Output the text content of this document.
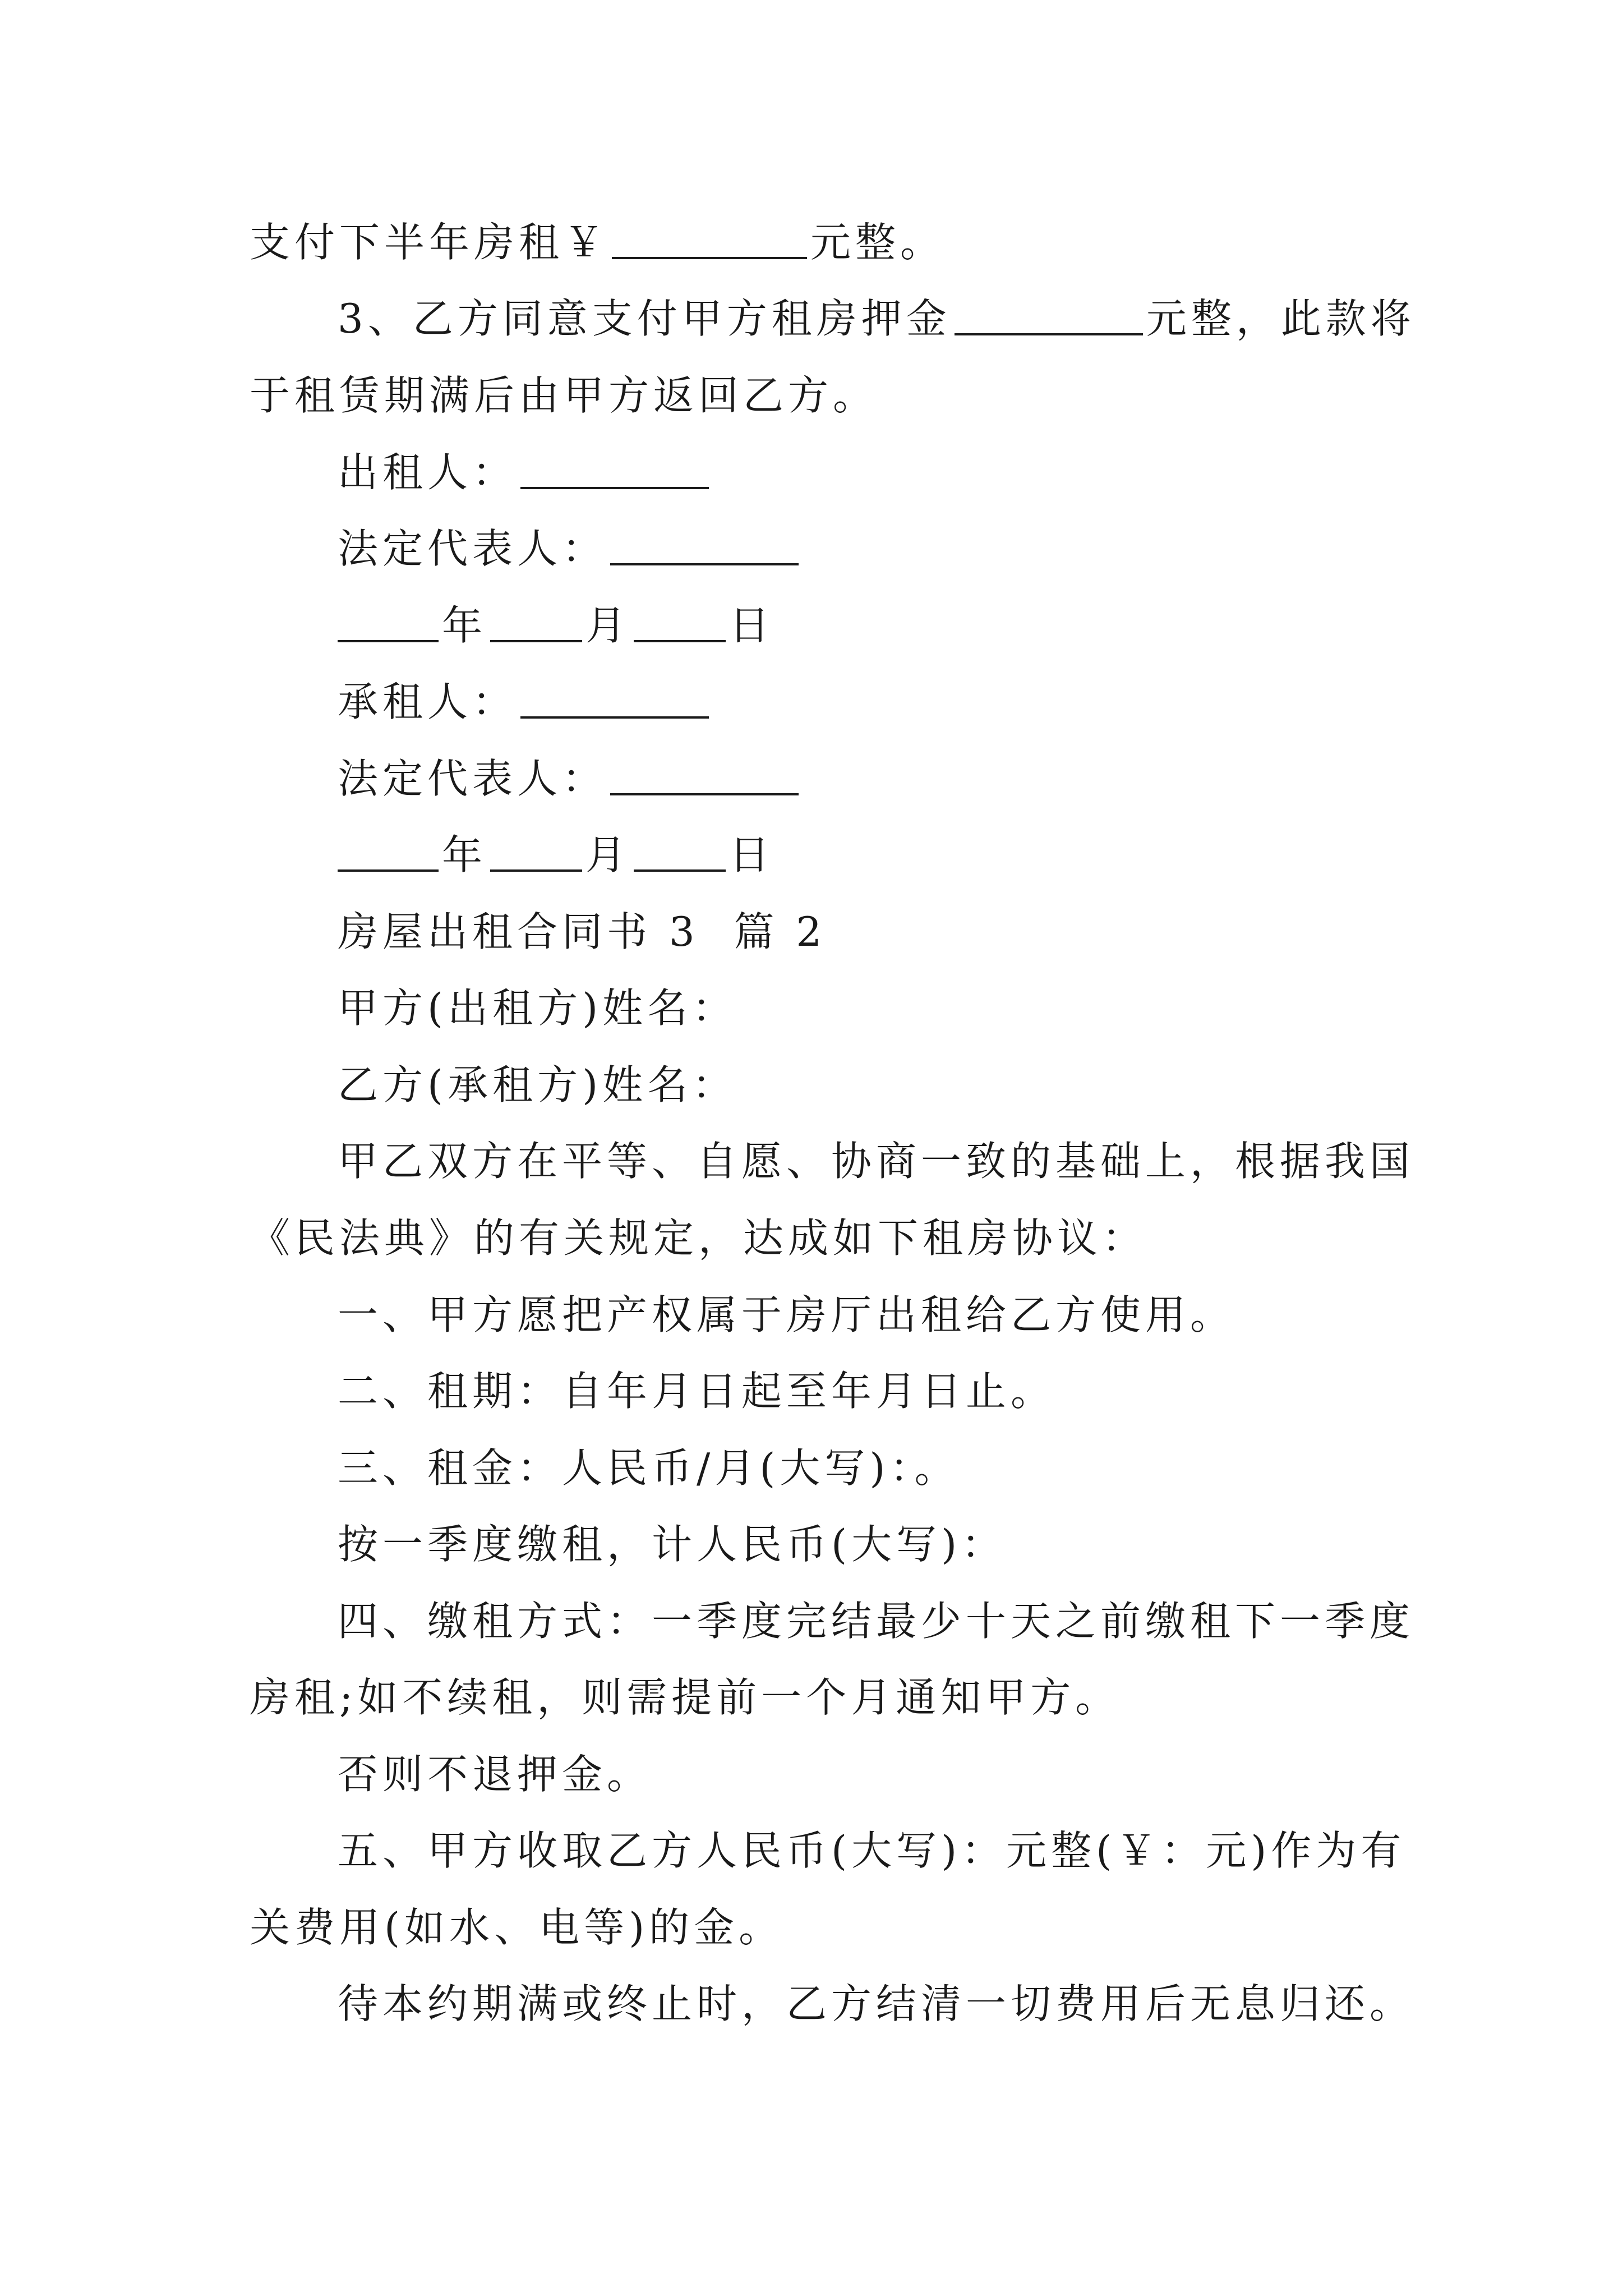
支付下半年房租￥	元整。
3、乙方同意支付甲方租房押金	元整，此款将
于租赁期满后由甲方返回乙方。
出租人：
法定代表人：
年 月 日
承租人：
法定代表人：
年 月 日
房屋出租合同书 3  篇 2
甲方(出租方)姓名：
乙方(承租方)姓名：
甲乙双方在平等、自愿、协商一致的基础上，根据我国
《民法典》的有关规定，达成如下租房协议：
一、甲方愿把产权属于房厅出租给乙方使用。
二、租期：自年月日起至年月日止。
三、租金：人民币/月(大写)：。
按一季度缴租，计人民币(大写)：
四、缴租方式：一季度完结最少十天之前缴租下一季度
房租;如不续租，则需提前一个月通知甲方。
否则不退押金。
五、甲方收取乙方人民币(大写)：元整(￥：元)作为有
关费用(如水、电等)的金。
待本约期满或终止时，乙方结清一切费用后无息归还。
